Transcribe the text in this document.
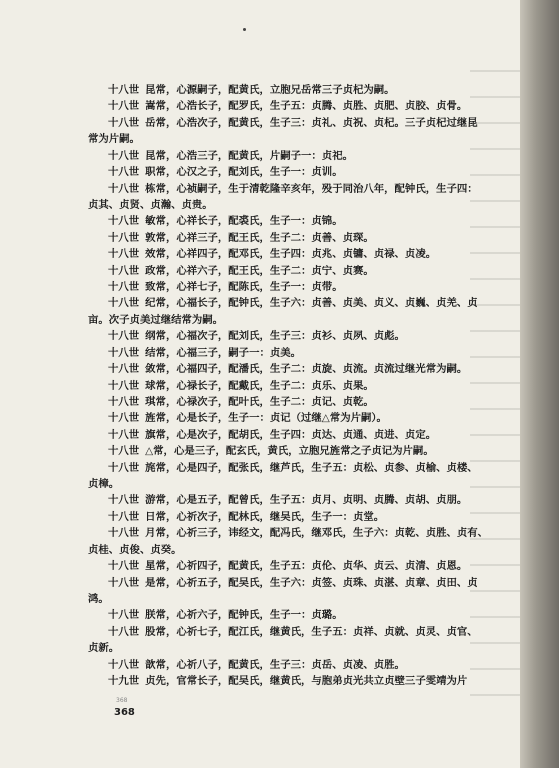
十八世 昆常，心源嗣子，配黄氏，立胞兄岳常三子贞杞为嗣。
十八世 嵩常，心浩长子，配罗氏，生子五：贞腾、贞胜、贞肥、贞胶、贞骨。
十八世 岳常，心浩次子，配黄氏，生子三：贞礼、贞祝、贞杞。三子贞杞过继昆
常为片嗣。
十八世 昆常，心浩三子，配黄氏，片嗣子一：贞祀。
十八世 职常，心汉之子，配刘氏，生子一：贞训。
十八世 栋常，心祯嗣子，生于清乾隆辛亥年，殁于同治八年，配钟氏，生子四：
贞其、贞贤、贞瀚、贞贵。
十八世 敏常，心祥长子，配裘氏，生子一：贞锦。
十八世 敦常，心祥三子，配王氏，生子二：贞善、贞琛。
十八世 效常，心祥四子，配邓氏，生子四：贞兆、贞镛、贞禄、贞凌。
十八世 政常，心祥六子，配王氏，生子二：贞宁、贞赛。
十八世 致常，心祥七子，配陈氏，生子一：贞带。
十八世 纪常，心福长子，配钟氏，生子六：贞善、贞美、贞义、贞巍、贞羌、贞
亩。次子贞美过继结常为嗣。
十八世 纲常，心福次子，配刘氏，生子三：贞衫、贞夙、贞彪。
十八世 结常，心福三子，嗣子一：贞美。
十八世 敛常，心福四子，配潘氏，生子二：贞旋、贞流。贞流过继光常为嗣。
十八世 球常，心禄长子，配戴氏，生子二：贞乐、贞果。
十八世 琪常，心禄次子，配叶氏，生子二：贞记、贞乾。
十八世 旌常，心是长子，生子一：贞记（过继△常为片嗣）。
十八世 旗常，心是次子，配胡氏，生子四：贞达、贞通、贞进、贞定。
十八世 △常，心是三子，配玄氏，黄氏，立胞兄旌常之子贞记为片嗣。
十八世 旄常，心是四子，配张氏，继芦氏，生子五：贞松、贞参、贞榆、贞楼、
贞樟。
十八世 游常，心是五子，配曾氏，生子五：贞月、贞明、贞腾、贞胡、贞朋。
十八世 日常，心祈次子，配林氏，继吴氏，生子一：贞堂。
十八世 月常，心祈三子，讳经文，配冯氏，继邓氏，生子六：贞乾、贞胜、贞有、
贞桂、贞俊、贞癸。
十八世 星常，心祈四子，配黄氏，生子五：贞伦、贞华、贞云、贞清、贞恩。
十八世 是常，心祈五子，配吴氏，生子六：贞签、贞珠、贞湛、贞章、贞田、贞
鸿。
十八世 朕常，心祈六子，配钟氏，生子一：贞璐。
十八世 股常，心祈七子，配江氏，继黄氏，生子五：贞祥、贞就、贞灵、贞官、
贞新。
十八世 歆常，心祈八子，配黄氏，生子三：贞岳、贞凌、贞胜。
十九世 贞先，官常长子，配吴氏，继黄氏，与胞弟贞光共立贞壁三子雯靖为片
368
368
